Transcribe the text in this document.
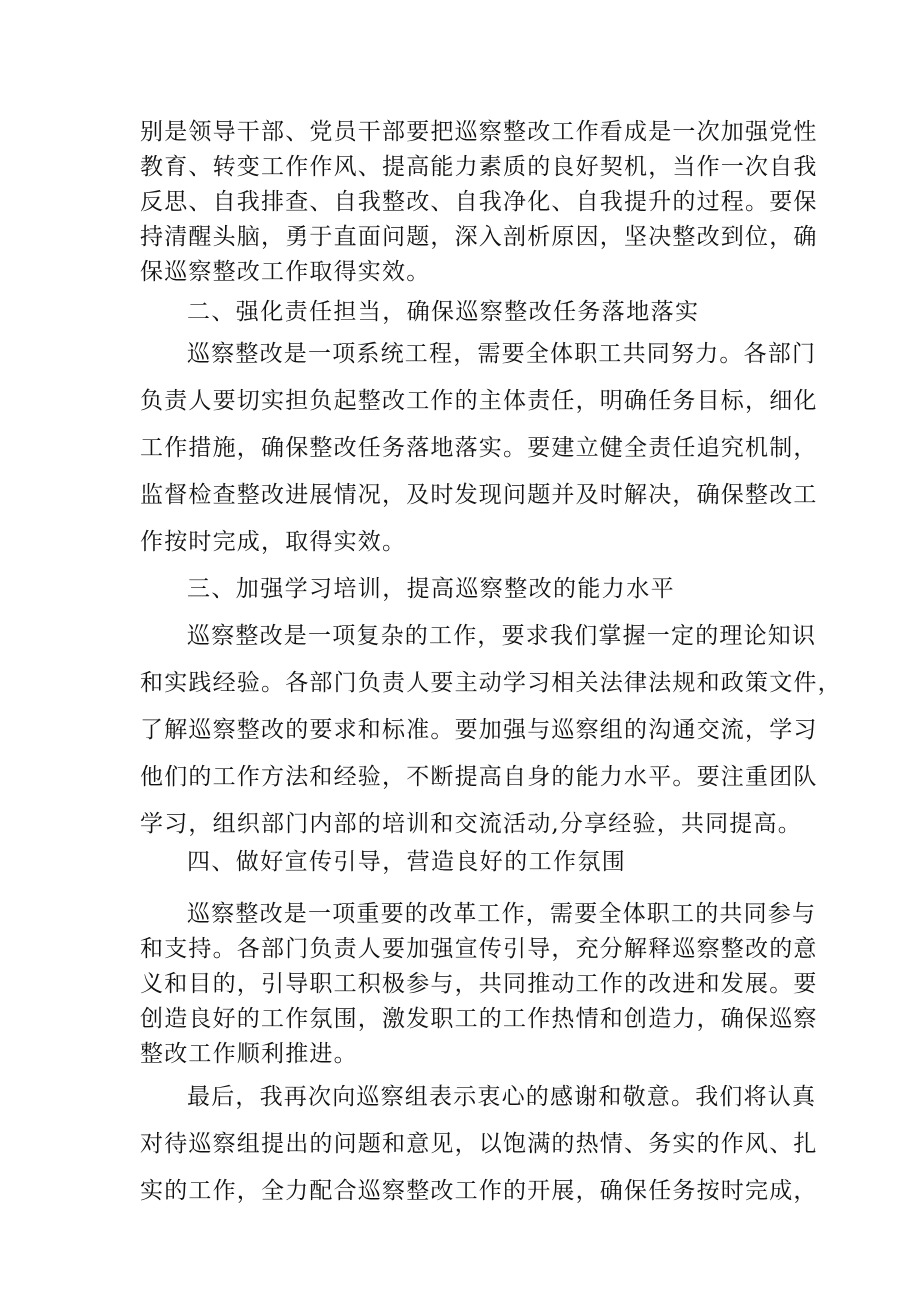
别是领导干部、党员干部要把巡察整改工作看成是一次加强党性
教育、转变工作作风、提高能力素质的良好契机，当作一次自我
反思、自我排查、自我整改、自我净化、自我提升的过程。要保
持清醒头脑，勇于直面问题，深入剖析原因，坚决整改到位，确
保巡察整改工作取得实效。
二、强化责任担当，确保巡察整改任务落地落实
巡察整改是一项系统工程，需要全体职工共同努力。各部门
负责人要切实担负起整改工作的主体责任，明确任务目标，细化
工作措施，确保整改任务落地落实。要建立健全责任追究机制，
监督检查整改进展情况，及时发现问题并及时解决，确保整改工
作按时完成，取得实效。
三、加强学习培训，提高巡察整改的能力水平
巡察整改是一项复杂的工作，要求我们掌握一定的理论知识
和实践经验。各部门负责人要主动学习相关法律法规和政策文件，
了解巡察整改的要求和标准。要加强与巡察组的沟通交流，学习
他们的工作方法和经验，不断提高自身的能力水平。要注重团队
学习，组织部门内部的培训和交流活动,分享经验，共同提高。
四、做好宣传引导，营造良好的工作氛围
巡察整改是一项重要的改革工作，需要全体职工的共同参与
和支持。各部门负责人要加强宣传引导，充分解释巡察整改的意
义和目的，引导职工积极参与，共同推动工作的改进和发展。要
创造良好的工作氛围，激发职工的工作热情和创造力，确保巡察
整改工作顺利推进。
最后，我再次向巡察组表示衷心的感谢和敬意。我们将认真
对待巡察组提出的问题和意见，以饱满的热情、务实的作风、扎
实的工作，全力配合巡察整改工作的开展，确保任务按时完成，
